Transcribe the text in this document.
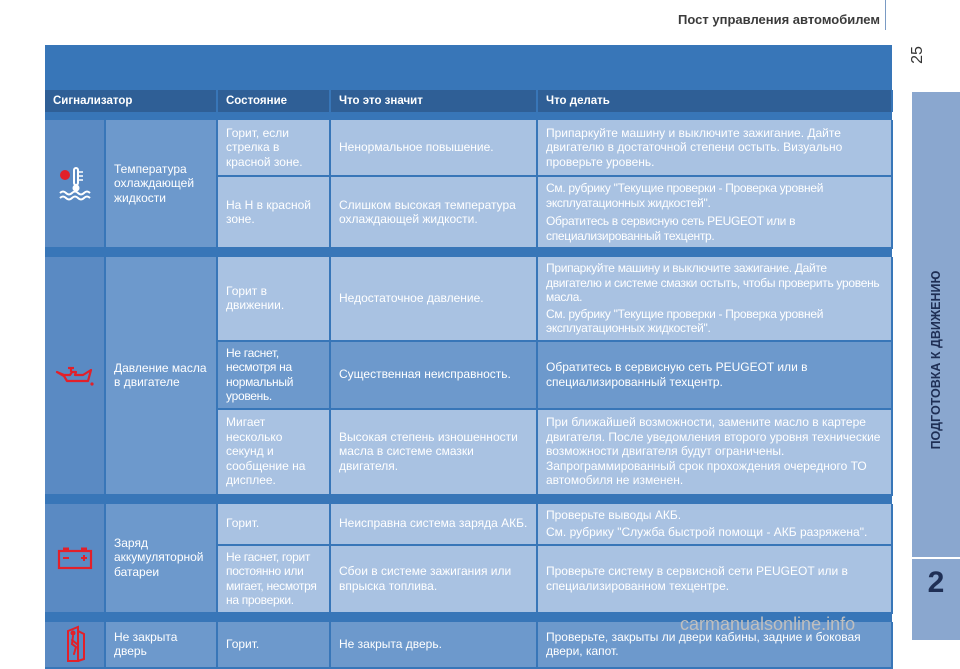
Пост управления автомобилем
25
ПОДГОТОВКА К ДВИЖЕНИЮ
2
Сигнализатор		Состояние	Что это значит	Что делать

	Температура охлаждающей жидкости	Горит, если стрелка в красной зоне.	Ненормальное повышение.	Припаркуйте машину и выключите зажигание. Дайте двигателю в достаточной степени остыть. Визуально проверьте уровень.
		На Н в красной зоне.	Слишком высокая температура охлаждающей жидкости.	См. рубрику "Текущие проверки - Проверка уровней эксплуатационных жидкостей".
Обратитесь в сервисную сеть PEUGEOT или в специализированный техцентр.

	Давление масла в двигателе	Горит в движении.	Недостаточное давление.	Припаркуйте машину и выключите зажигание. Дайте двигателю и системе смазки остыть, чтобы проверить уровень масла.
См. рубрику "Текущие проверки - Проверка уровней эксплуатационных жидкостей".

		Не гаснет, несмотря на нормальный уровень.	Существенная неисправность.	Обратитесь в сервисную сеть PEUGEOT или в специализированный техцентр.
		Мигает несколько секунд и сообщение на дисплее.	Высокая степень изношенности масла в системе смазки двигателя.	При ближайшей возможности, замените масло в картере двигателя. После уведомления второго уровня технические возможности двигателя будут ограничены. Запрограммированный срок прохождения очередного ТО автомобиля не изменен.

	Заряд аккумуляторной батареи	Горит.	Неисправна система заряда АКБ.	Проверьте выводы АКБ.
См. рубрику "Служба быстрой помощи - АКБ разряжена".

		Не гаснет, горит постоянно или мигает, несмотря на проверки.	Сбои в системе зажигания или впрыска топлива.	Проверьте систему в сервисной сети PEUGEOT или в специализированном техцентре.

	Не закрыта дверь	Горит.	Не закрыта дверь.	Проверьте, закрыты ли двери кабины, задние и боковая двери, капот.
carmanualsonline.info
